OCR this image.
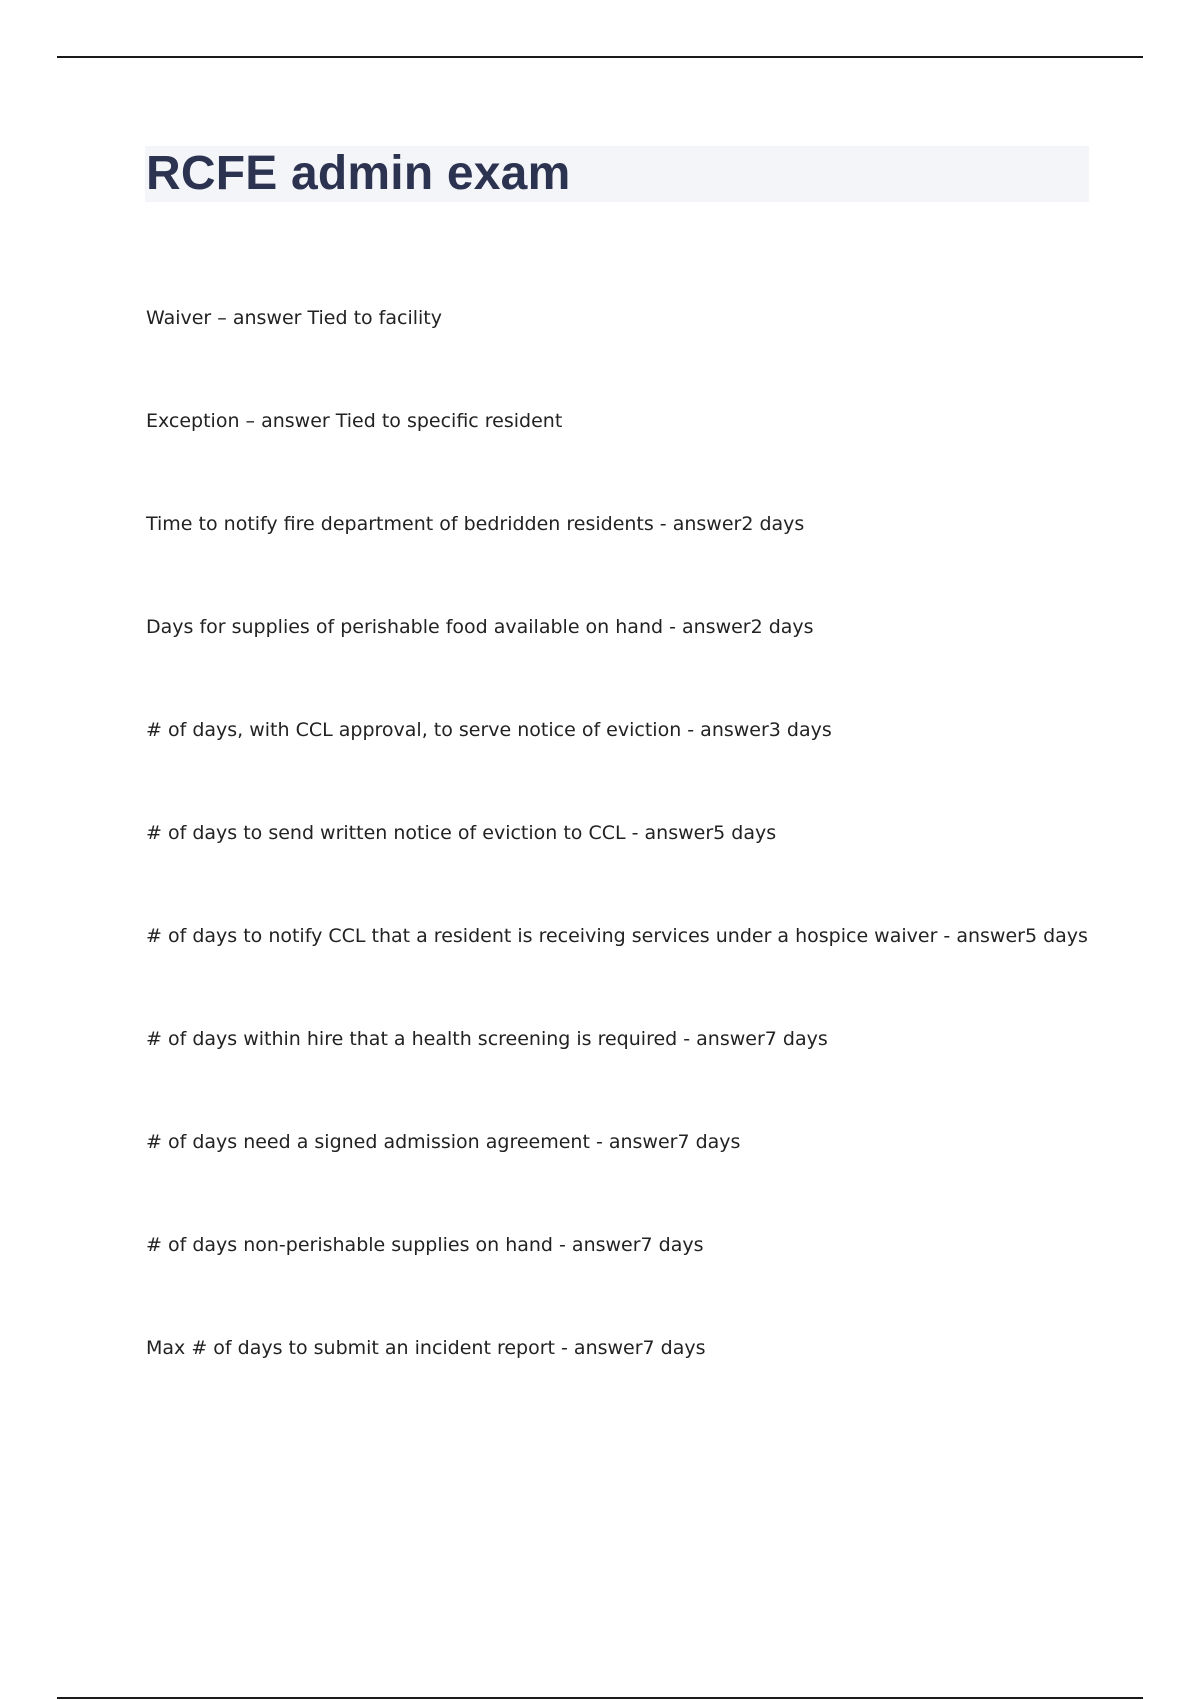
RCFE admin exam
Waiver – answer Tied to facility
Exception – answer Tied to specific resident
Time to notify fire department of bedridden residents - answer2 days
Days for supplies of perishable food available on hand - answer2 days
# of days, with CCL approval, to serve notice of eviction - answer3 days
# of days to send written notice of eviction to CCL - answer5 days
# of days to notify CCL that a resident is receiving services under a hospice waiver - answer5 days
# of days within hire that a health screening is required - answer7 days
# of days need a signed admission agreement - answer7 days
# of days non-perishable supplies on hand - answer7 days
Max # of days to submit an incident report - answer7 days
